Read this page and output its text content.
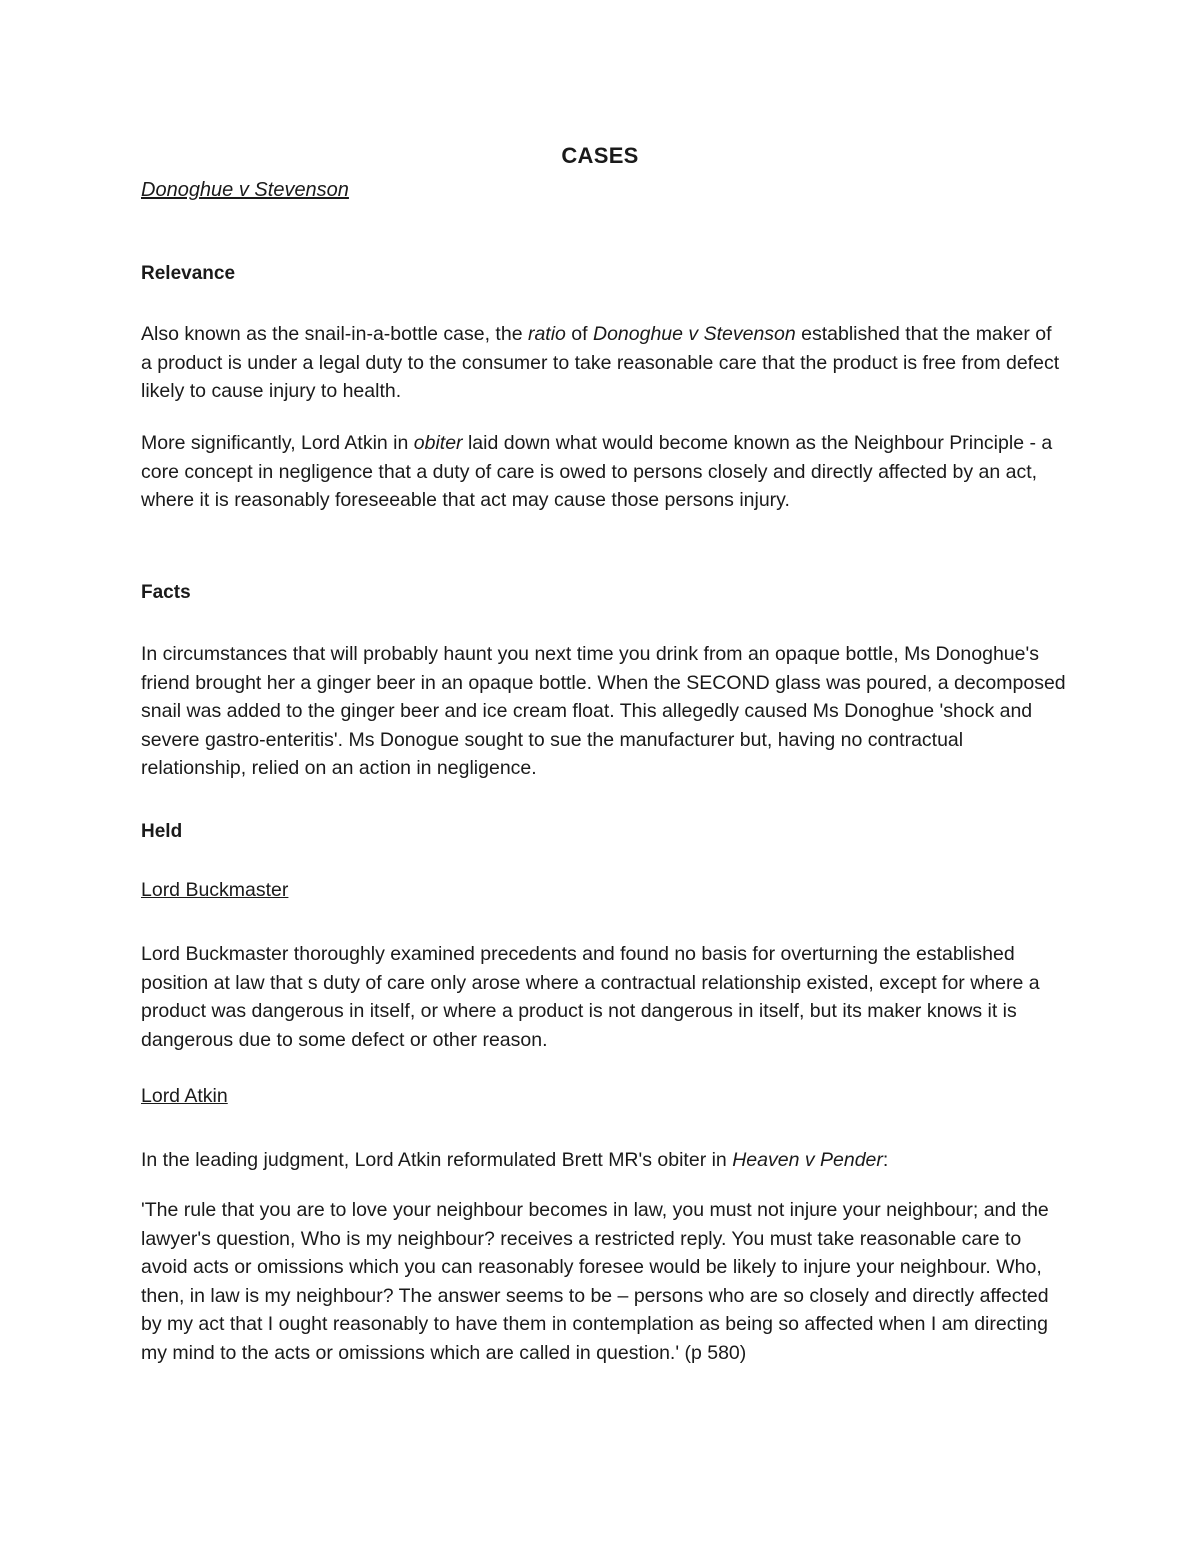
CASES
Donoghue v Stevenson
Relevance
Also known as the snail-in-a-bottle case, the ratio of Donoghue v Stevenson established that the maker of a product is under a legal duty to the consumer to take reasonable care that the product is free from defect likely to cause injury to health.
More significantly, Lord Atkin in obiter laid down what would become known as the Neighbour Principle - a core concept in negligence that a duty of care is owed to persons closely and directly affected by an act, where it is reasonably foreseeable that act may cause those persons injury.
Facts
In circumstances that will probably haunt you next time you drink from an opaque bottle, Ms Donoghue's friend brought her a ginger beer in an opaque bottle. When the SECOND glass was poured, a decomposed snail was added to the ginger beer and ice cream float. This allegedly caused Ms Donoghue 'shock and severe gastro-enteritis'. Ms Donogue sought to sue the manufacturer but, having no contractual relationship, relied on an action in negligence.
Held
Lord Buckmaster
Lord Buckmaster thoroughly examined precedents and found no basis for overturning the established position at law that s duty of care only arose where a contractual relationship existed, except for where a product was dangerous in itself, or where a product is not dangerous in itself, but its maker knows it is dangerous due to some defect or other reason.
Lord Atkin
In the leading judgment, Lord Atkin reformulated Brett MR's obiter in Heaven v Pender:
'The rule that you are to love your neighbour becomes in law, you must not injure your neighbour; and the lawyer's question, Who is my neighbour? receives a restricted reply. You must take reasonable care to avoid acts or omissions which you can reasonably foresee would be likely to injure your neighbour. Who, then, in law is my neighbour? The answer seems to be – persons who are so closely and directly affected by my act that I ought reasonably to have them in contemplation as being so affected when I am directing my mind to the acts or omissions which are called in question.' (p 580)
